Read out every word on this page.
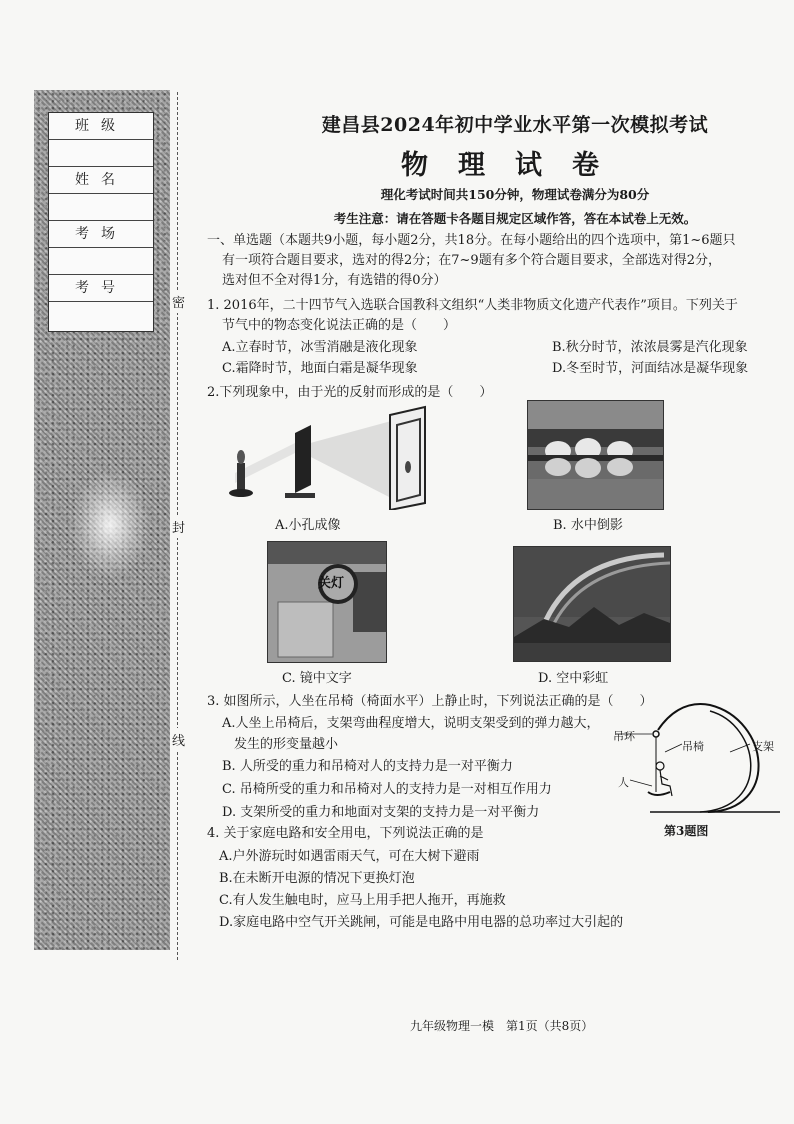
班级
姓名
考场
考号
密
封
线
建昌县2024年初中学业水平第一次模拟考试
物理试卷
理化考试时间共150分钟，物理试卷满分为80分
考生注意：请在答题卡各题目规定区域作答，答在本试卷上无效。
一、单选题（本题共9小题，每小题2分，共18分。在每小题给出的四个选项中，第1~6题只
有一项符合题目要求，选对的得2分；在7~9题有多个符合题目要求，全部选对得2分，
选对但不全对得1分，有选错的得0分）
1. 2016年，二十四节气入选联合国教科文组织“人类非物质文化遗产代表作”项目。下列关于
节气中的物态变化说法正确的是（　　）
A.立春时节，冰雪消融是液化现象	B.秋分时节，浓浓晨雾是汽化现象
C.霜降时节，地面白霜是凝华现象	D.冬至时节，河面结冰是凝华现象
2.下列现象中，由于光的反射而形成的是（　　）
A.小孔成像	B. 水中倒影
关灯
C. 镜中文字	D. 空中彩虹
3. 如图所示，人坐在吊椅（椅面水平）上静止时，下列说法正确的是（　　）
A.人坐上吊椅后，支架弯曲程度增大，说明支架受到的弹力越大，
发生的形变量越小
B. 人所受的重力和吊椅对人的支持力是一对平衡力
C. 吊椅所受的重力和吊椅对人的支持力是一对相互作用力
D. 支架所受的重力和地面对支架的支持力是一对平衡力
吊环
吊椅	支架
人
第3题图
4. 关于家庭电路和安全用电，下列说法正确的是
A.户外游玩时如遇雷雨天气，可在大树下避雨
B.在未断开电源的情况下更换灯泡
C.有人发生触电时，应马上用手把人拖开，再施救
D.家庭电路中空气开关跳闸，可能是电路中用电器的总功率过大引起的
九年级物理一模　第1页（共8页）
